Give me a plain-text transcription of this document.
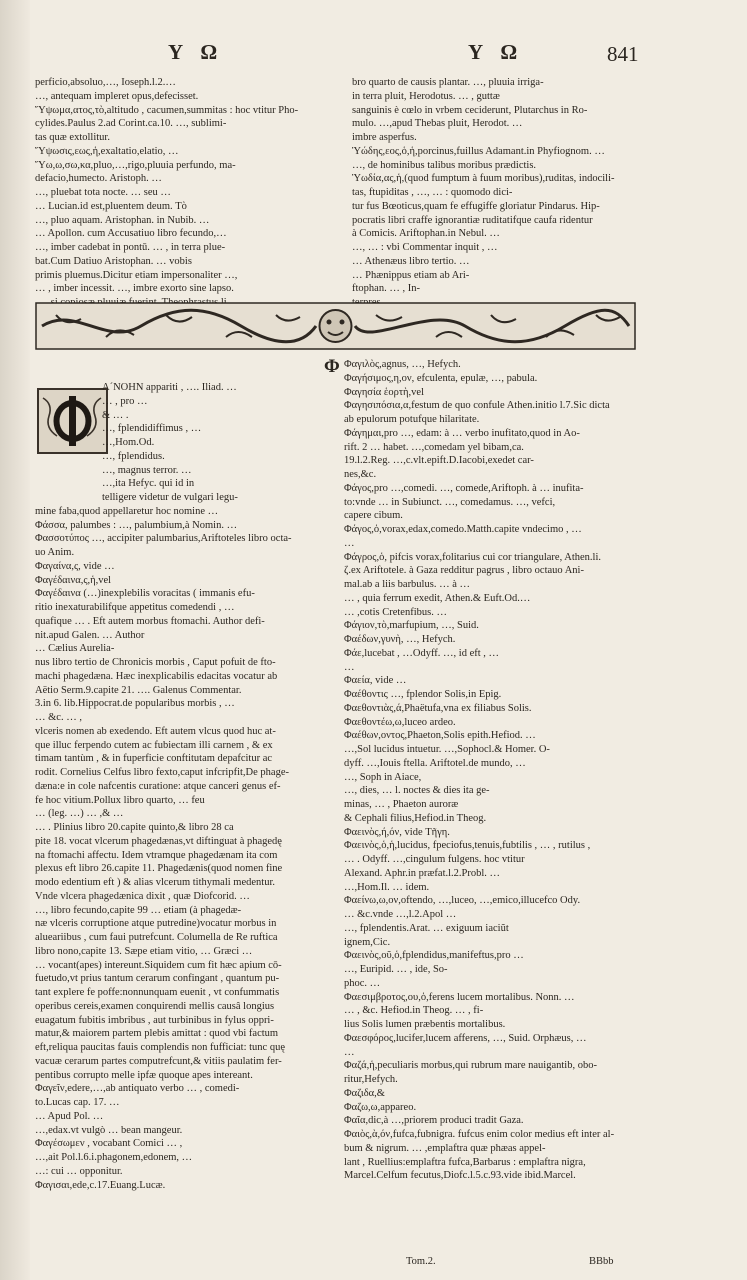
Υ Ω	Υ Ω	841

perficio,absoluo,…, Ioseph.l.2.…

…, antequam impleret opus,defecisset.

Ὕψωμα,ατος,τὸ,altitudo , cacumen,summitas : hoc vtitur Pho-

cylides.Paulus 2.ad Corint.ca.10. …, sublimi-

tas quæ extollitur.

Ὕψωσις,εως,ἡ,exaltatio,elatio, …

Ὕω,ω,σω,κα,pluo,…,rigo,pluuia perfundo, ma-

defacio,humecto. Aristoph. …

…, pluebat tota nocte. … seu …

… Lucian.id est,pluentem deum. Τὸ

…, pluo aquam. Aristophan. in Nubib. …

… Apollon. cum Accusatiuo libro fecundo,…

…, imber cadebat in pontū. … , in terra plue-

bat.Cum Datiuo Aristophan. … vobis

primis pluemus.Dicitur etiam impersonaliter …,

… , imber incessit. …, imbre exorto sine lapso.

bro quarto de causis plantar. …, pluuia irriga-

in terra pluit, Herodotus. … , guttæ

sanguinis è cœlo in vrbem ceciderunt, Plutarchus in Ro-

mulo. …,apud Thebas pluit, Herodot. …

imbre asperfus.

Ὑώδης,εος,ὁ,ἡ,porcinus,fuillus Adamant.in Phyfiognom. …

…, de hominibus talibus moribus prædictis.

Ὑωδία,ας,ἡ,(quod fumptum à fuum moribus),ruditas, indocili-

tas, ftupiditas , …, … : quomodo dici-

tur fus Bœoticus,quam fe effugiffe gloriatur Pindarus. Hip-

pocratis libri craffe ignorantiæ ruditatifque caufa ridentur

à Comicis. Ariftophan.in Nebul. …

…, … : vbi Commentar inquit , …

… Athenæus libro tertio. …

… Phænippus etiam ab Ari-

ftophan. … , In-

Φ

Α´ΝΟΗΝ appariti , …. Iliad. …

… , pro …

& … .

…, fplendidiffimus , …

…,Hom.Od.

…, fplendidus.

…, magnus terror. …

…,ita Hefyc. qui id in

telligere videtur de vulgari legu-

mine faba,quod appellaretur hoc nomine …

Φάσσα, palumbes : …, palumbium,à Nomin. …

Φασσοτύπος …, accipiter palumbarius,Ariftoteles libro octa-

uo Anim.

Φαγαίνα,ς, vide …

Φαγέδαινα,ς,ἡ,vel

Φαγέδαινα (…)inexplebilis voracitas ( immanis efu-

ritio inexaturabilifque appetitus comedendi , …

quafique … . Eft autem morbus ftomachi. Author defi-

nit.apud Galen. … Author

… Cælius Aurelia-

nus libro tertio de Chronicis morbis , Caput pofuit de fto-

machi phagedæna. Hæc inexplicabilis edacitas vocatur ab

Aëtio Serm.9.capite 21. …. Galenus Commentar.

3.in 6. lib.Hippocrat.de popularibus morbis , …

… &c. … ,

vlceris nomen ab exedendo. Eft autem vlcus quod huc at-

que illuc ferpendo cutem ac fubiectam illi carnem , & ex

timam tantùm , & in fuperficie conftitutam depafcitur ac

rodit. Cornelius Celfus libro fexto,caput infcripfit,De phage-

dæna:e in cole nafcentis curatione: atque canceri genus ef-

fe hoc vitium.Pollux libro quarto, … feu

… (leg. …) … ,& …

… . Plinius libro 20.capite quinto,& libro 28 ca

pite 18. vocat vlcerum phagedænas,vt diftinguat à phagedę

na ftomachi affectu. Idem vtramque phagedænam ita com

plexus eft libro 26.capite 11. Phagedænis(quod nomen fine

modo edentium eft ) & alias vlcerum tithymali medentur.

Vnde vlcera phagedænica dixit , quæ Diofcorid. …

…, libro fecundo,capite 99 … etiam (à phagedæ-

næ vlceris corruptione atque putredine)vocatur morbus in

alueariibus , cum faui putrefcunt. Columella de Re ruftica

libro nono,capite 13. Sæpe etiam vitio, … Græci …

… vocant(apes) intereunt.Siquidem cum fit hæc apium cō-

fuetudo,vt prius tantum cerarum confingant , quantum pu-

tant explere fe poffe:nonnunquam euenit , vt confummatis

operibus cereis,examen conquirendi mellis causâ longius

euagatum fubitis imbribus , aut turbinibus in fylus oppri-

matur,& maiorem partem plebis amittat : quod vbi factum

eft,reliqua paucitas fauis complendis non fufficiat: tunc quę

vacuæ cerarum partes computrefcunt,& vitiis paulatim fer-

pentibus corrupto melle ipfæ quoque apes intereant.

Φαγεῖν,edere,…,ab antiquato verbo … , comedi-

to.Lucas cap. 17. …

… Apud Pol. …

…,edax.vt vulgò … bean mangeur.

Φαγέσωμεν , vocabant Comici … ,

…,ait Pol.l.6.i.phagonem,edonem, …

…: cui … opponitur.

Φαγισαι,ede,c.17.Euang.Lucæ.

Φαγιλὸς,agnus, …, Hefych.

Φαγήσιμος,η,ον, efculenta, epulæ, …, pabula.

Φαγησία ἑορτὴ,vel

Φαγησιπόσια,α,festum de quo confule Athen.initio l.7.Sic dicta

ab epulorum potufque hilaritate.

Φάγημαι,pro …, edam: à … verbo inufitato,quod in Ao-

rift. 2 … habet. …,comedam yel bibam,ca.

19.l.2.Reg. …,c.vlt.epift.D.Iacobi,exedet car-

nes,&c.

Φάγος,pro …,comedi. …, comede,Ariftoph. à … inufita-

to:vnde … in Subiunct. …, comedamus. …, vefci,

capere cibum.

Φάγος,ὁ,vorax,edax,comedo.Matth.capite vndecimo , …

…

Φάγρος,ὁ, pifcis vorax,folitarius cui cor triangulare, Athen.li.

ζ.ex Ariftotele. à Gaza redditur pagrus , libro octauo Ani-

mal.ab a liis barbulus. … à …

… , quia ferrum exedit, Athen.& Euft.Od.…

… ,cotis Cretenfibus. …

Φάγιον,τὸ,marfupium, …, Suid.

Φαέδων,γυνὴ, …, Hefych.

Φάε,lucebat , …Odyff. …, id eft , …

…

Φαεία, vide …

Φαέθοντις …, fplendor Solis,in Epig.

Φαεθοντιὰς,ά,Phaëtufa,vna ex filiabus Solis.

Φαεθοντέω,ω,luceo ardeo.

Φαέθων,οντος,Phaeton,Solis epith.Hefiod. …

…,Sol lucidus intuetur. …,Sophocl.& Homer. O-

dyff. …,Iouis ftella. Ariftotel.de mundo, …

…, Soph in Aiace,

…, dies, … l. noctes & dies ita ge-

minas, … , Phaeton auroræ

& Cephali filius,Hefiod.in Theog.

Φαεινὸς,ή,όν, vide Τῆγη.

Φαεινὸς,ὁ,ἡ,lucidus, fpeciofus,tenuis,fubtilis , … , rutilus ,

… . Odyff. …,cingulum fulgens. hoc vtitur

Alexand. Aphr.in præfat.l.2.Probl. …

…,Hom.Il. … idem.

Φαείνω,ω,ον,oftendo, …,luceo, …,emico,illucefco Ody.

… &c.vnde …,l.2.Apol …

…, fplendentis.Arat. … exiguum iaciũt

ignem,Cic.

Φαεινὸς,οῦ,ὁ,fplendidus,manifeftus,pro …

…, Euripid. … , ide, So-

phoc. …

Φαεσιμβροτος,ου,ὁ,ferens lucem mortalibus. Nonn. …

… , &c. Hefiod.in Theog. … , fi-

lius Solis lumen præbentis mortalibus.

Φαεσφόρος,lucifer,lucem afferens, …, Suid. Orphæus, …

…

Φαζά,ἡ,peculiaris morbus,qui rubrum mare nauigantib, obo-

ritur,Hefych.

Φαζιδα,&

Φαζω,ω,appareo.

Φαῖα,dic,à …,priorem produci tradit Gaza.

Φαιὸς,ὰ,όν,fufca,fubnigra. fufcus enim color medius eft inter al-

bum & nigrum. … ,emplaftra quæ phæas appel-

lant , Ruellius:emplaftra fufca,Barbarus : emplaftra nigra,

Marcel.Celfum fecutus,Diofc.l.5.c.93.vide ibid.Marcel.

Tom.2.	BBbb
